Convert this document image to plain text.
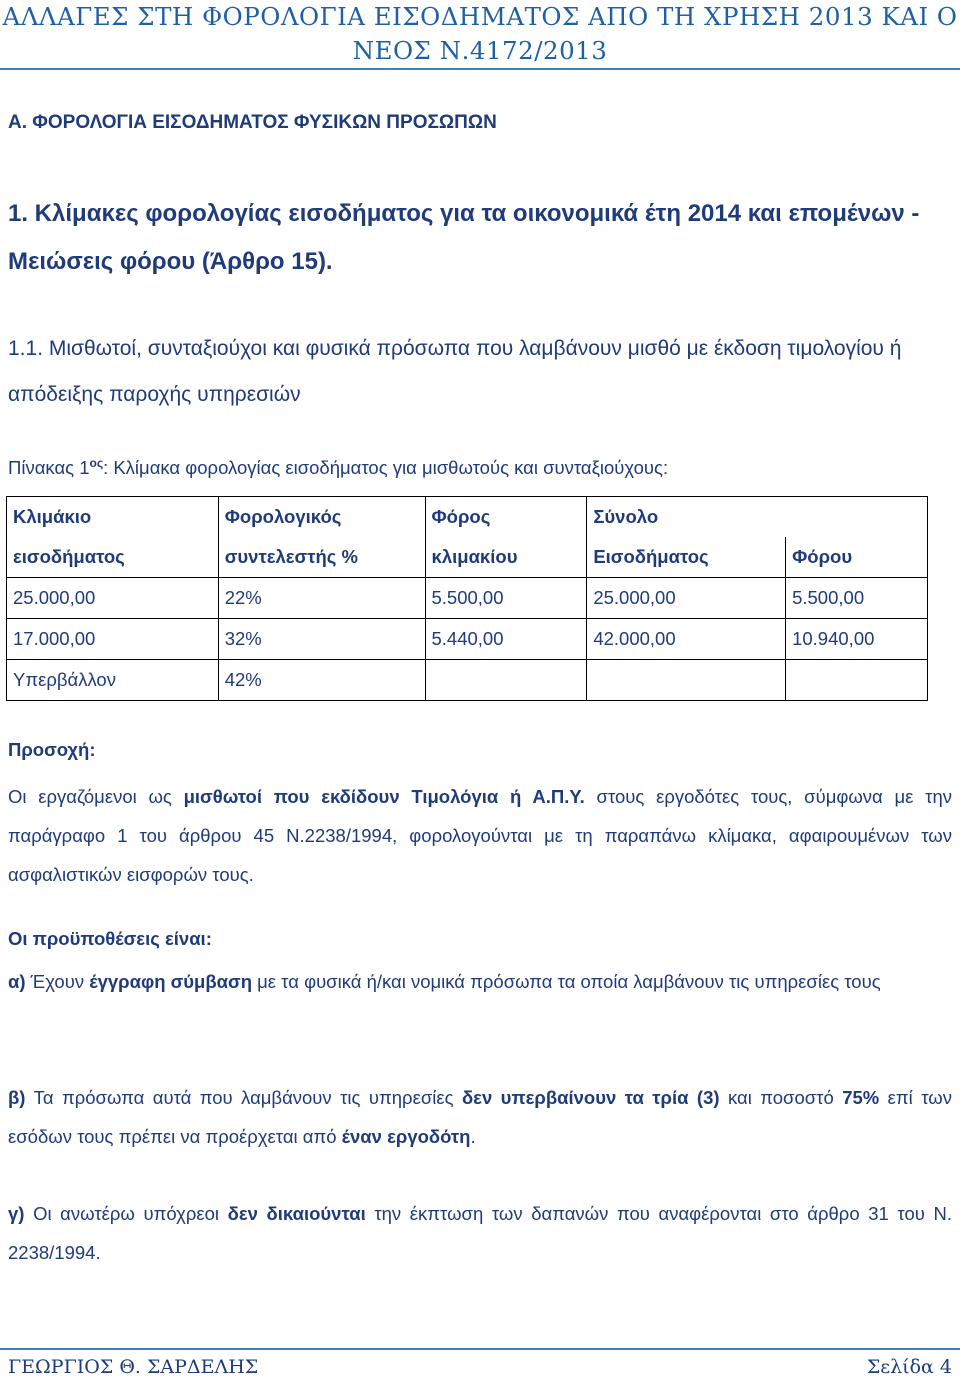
ΑΛΛΑΓΕΣ ΣΤΗ ΦΟΡΟΛΟΓΙΑ ΕΙΣΟΔΗΜΑΤΟΣ ΑΠΟ ΤΗ ΧΡΗΣΗ 2013 ΚΑΙ Ο
ΝΕΟΣ Ν.4172/2013
Α. ΦΟΡΟΛΟΓΙΑ ΕΙΣΟΔΗΜΑΤΟΣ ΦΥΣΙΚΩΝ ΠΡΟΣΩΠΩΝ
1. Κλίμακες φορολογίας εισοδήματος για τα οικονομικά έτη 2014 και επομένων - Μειώσεις φόρου (Άρθρο 15).
1.1. Μισθωτοί, συνταξιούχοι και φυσικά πρόσωπα που λαμβάνουν μισθό με έκδοση τιμολογίου ή απόδειξης παροχής υπηρεσιών
Πίνακας $1^{o\varsigma}$: Κλίμακα φορολογίας εισοδήματος για μισθωτούς και συνταξιούχους:
Κλιμάκιο	Φορολογικός	Φόρος	Σύνολο	
εισοδήματος	συντελεστής %	κλιμακίου	Εισοδήματος	Φόρου
25.000,00	22%	5.500,00	25.000,00	5.500,00
17.000,00	32%	5.440,00	42.000,00	10.940,00
Υπερβάλλον	42%			
Προσοχή:
Οι εργαζόμενοι ως μισθωτοί που εκδίδουν Τιμολόγια ή Α.Π.Υ. στους εργοδότες τους, σύμφωνα με την παράγραφο 1 του άρθρου 45 Ν.2238/1994, φορολογούνται με τη παραπάνω κλίμακα, αφαιρουμένων των ασφαλιστικών εισφορών τους.
Οι προϋποθέσεις είναι:
α) Έχουν έγγραφη σύμβαση με τα φυσικά ή/και νομικά πρόσωπα τα οποία λαμβάνουν τις υπηρεσίες τους
β) Τα πρόσωπα αυτά που λαμβάνουν τις υπηρεσίες δεν υπερβαίνουν τα τρία (3) και ποσοστό 75% επί των εσόδων τους πρέπει να προέρχεται από έναν εργοδότη.
γ) Οι ανωτέρω υπόχρεοι δεν δικαιούνται την έκπτωση των δαπανών που αναφέρονται στο άρθρο 31 του Ν. 2238/1994.
ΓΕΩΡΓΙΟΣ Θ. ΣΑΡΔΕΛΗΣ	Σελίδα 4
